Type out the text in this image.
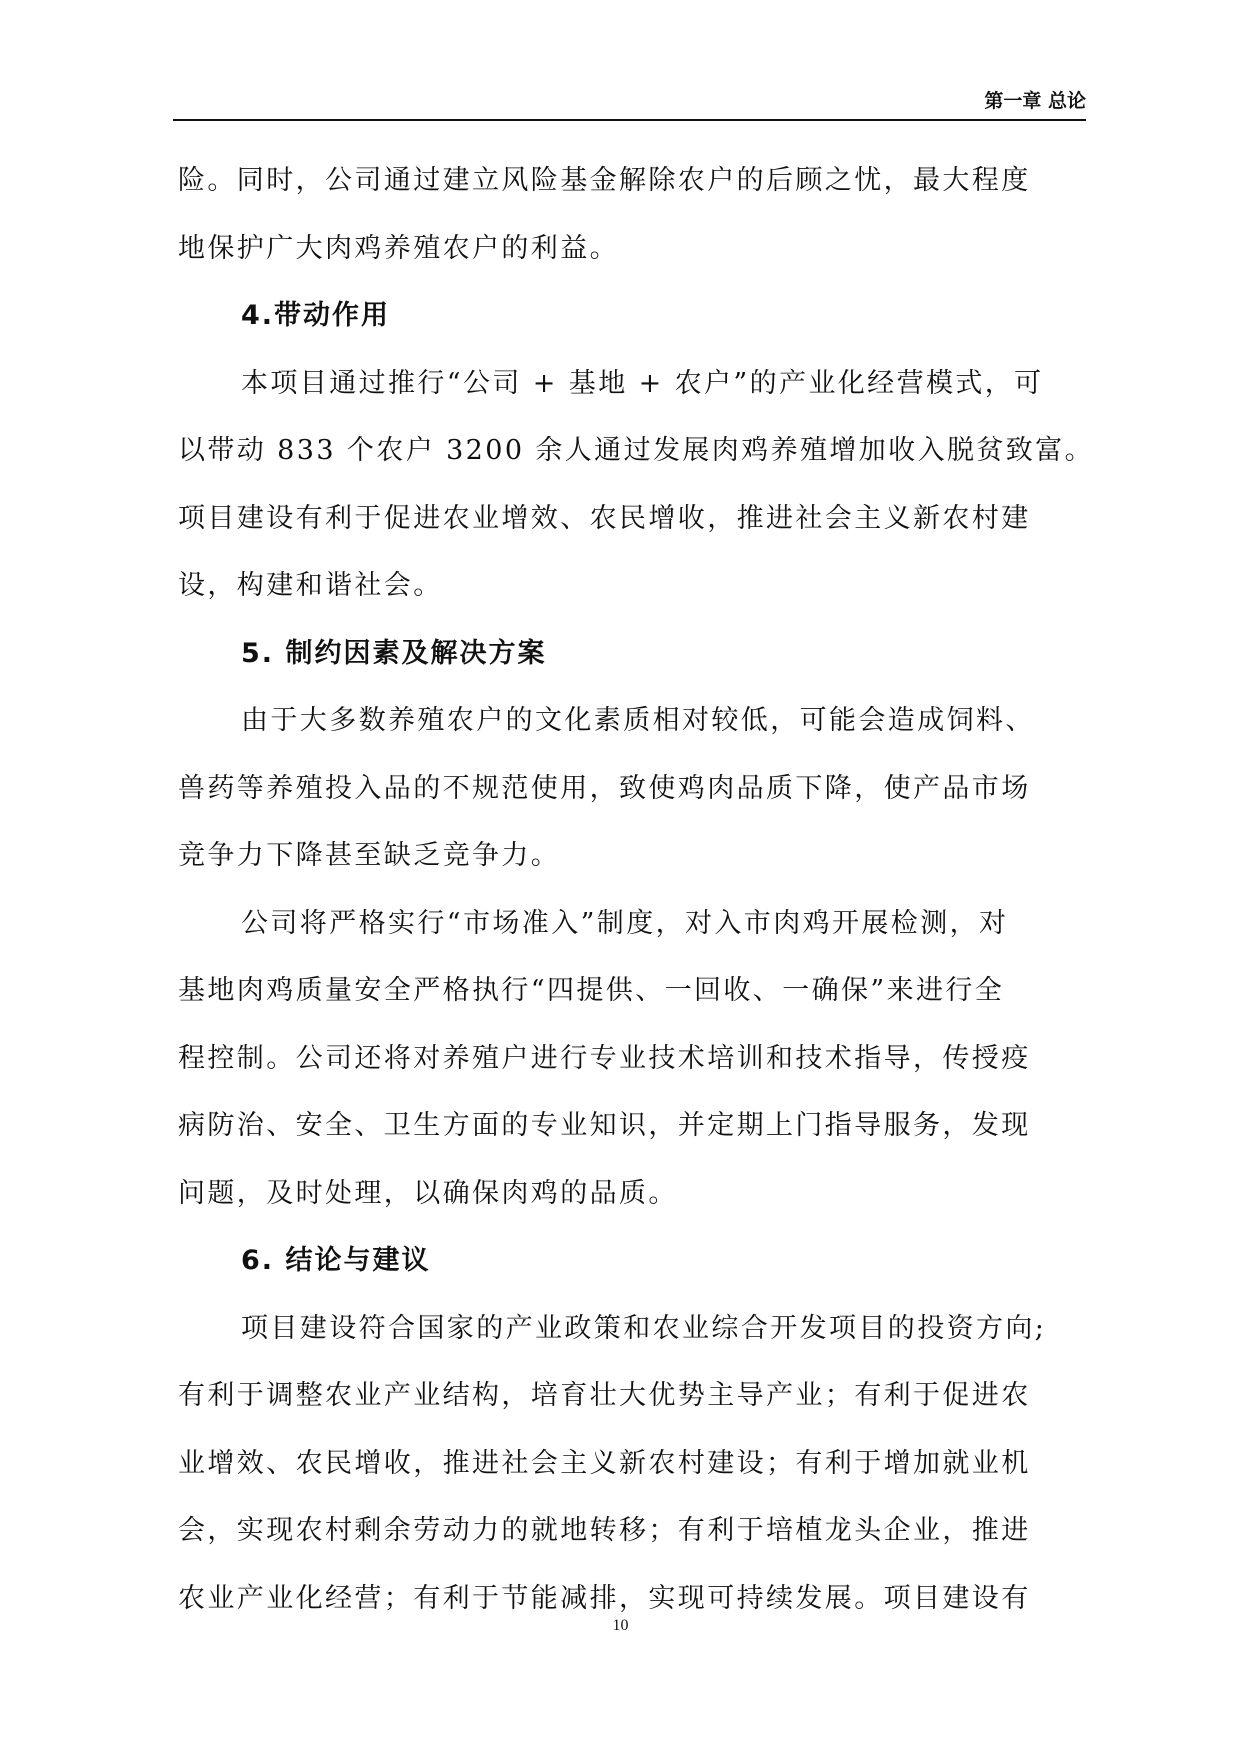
第一章 总论
险。同时，公司通过建立风险基金解除农户的后顾之忧，最大程度
地保护广大肉鸡养殖农户的利益。
4.带动作用
本项目通过推行“公司 + 基地 + 农户”的产业化经营模式，可
以带动 833 个农户 3200 余人通过发展肉鸡养殖增加收入脱贫致富。
项目建设有利于促进农业增效、农民增收，推进社会主义新农村建
设，构建和谐社会。
5. 制约因素及解决方案
由于大多数养殖农户的文化素质相对较低，可能会造成饲料、
兽药等养殖投入品的不规范使用，致使鸡肉品质下降，使产品市场
竞争力下降甚至缺乏竞争力。
公司将严格实行“市场准入”制度，对入市肉鸡开展检测，对
基地肉鸡质量安全严格执行“四提供、一回收、一确保”来进行全
程控制。公司还将对养殖户进行专业技术培训和技术指导，传授疫
病防治、安全、卫生方面的专业知识，并定期上门指导服务，发现
问题，及时处理，以确保肉鸡的品质。
6. 结论与建议
项目建设符合国家的产业政策和农业综合开发项目的投资方向;
有利于调整农业产业结构，培育壮大优势主导产业；有利于促进农
业增效、农民增收，推进社会主义新农村建设；有利于增加就业机
会，实现农村剩余劳动力的就地转移；有利于培植龙头企业，推进
农业产业化经营；有利于节能减排，实现可持续发展。项目建设有
10
